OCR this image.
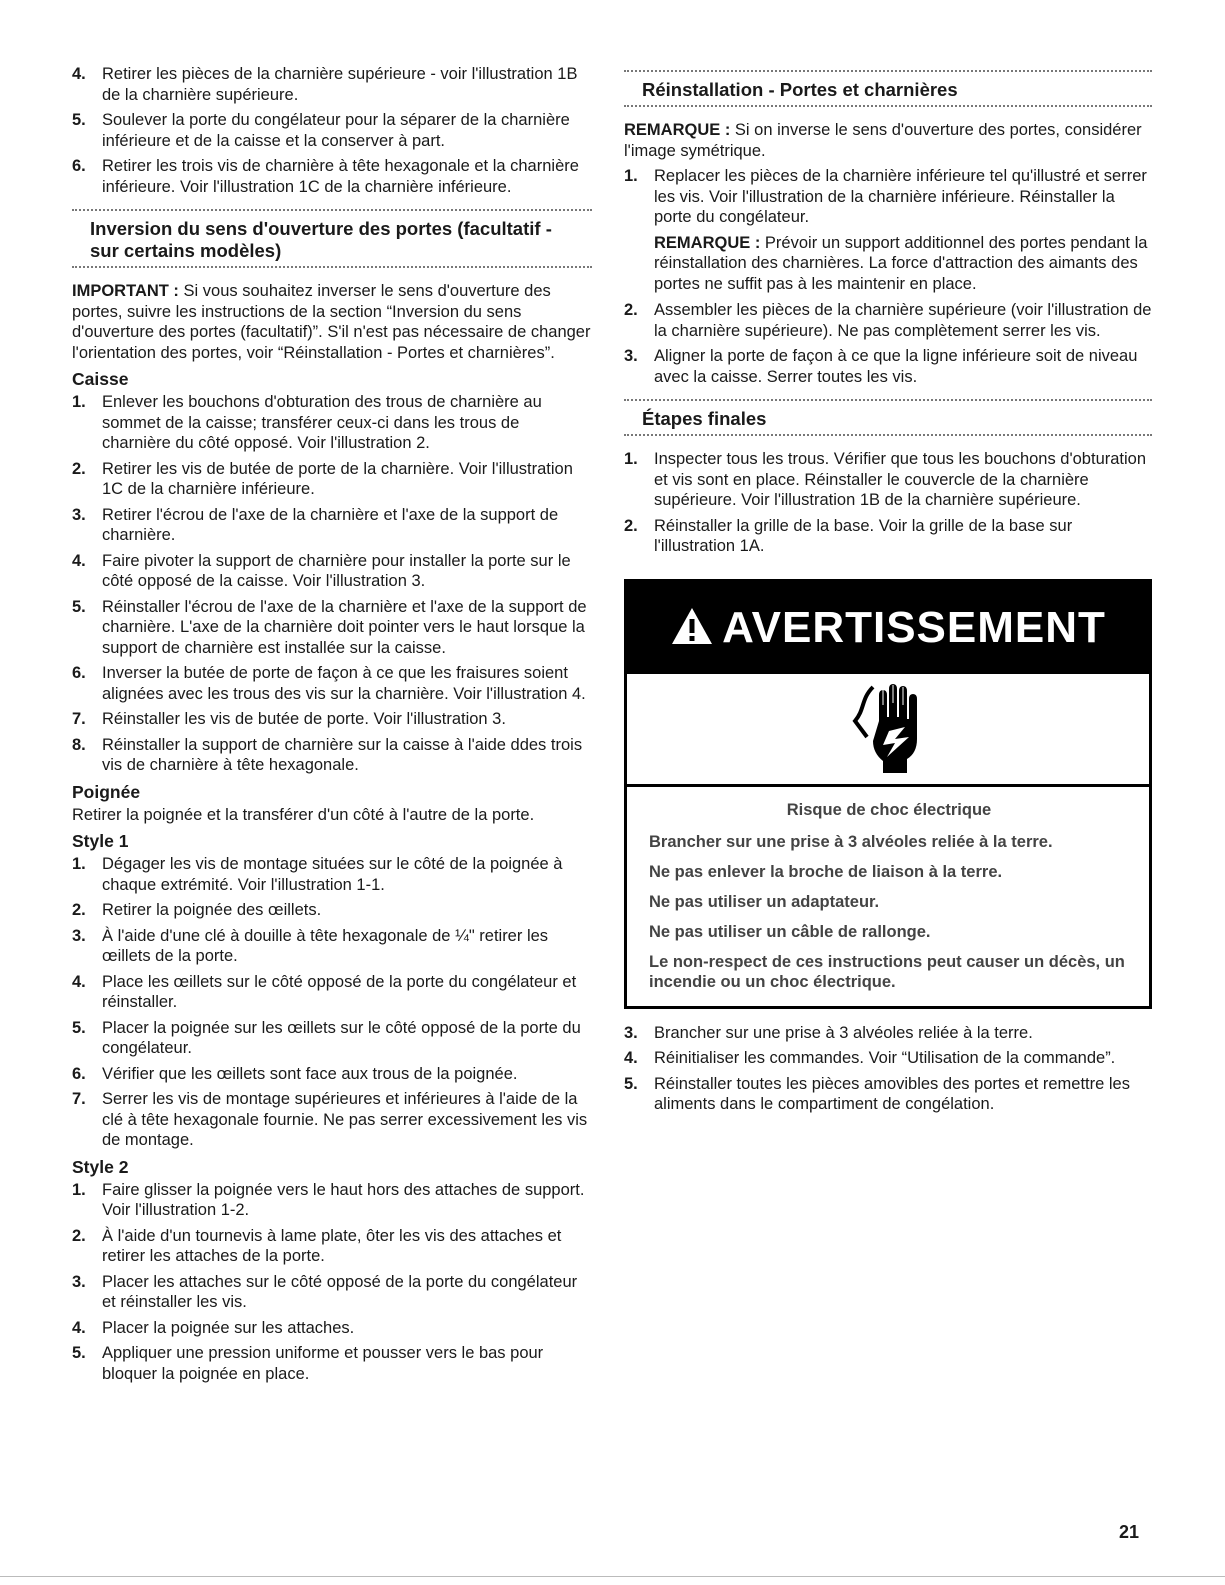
4. Retirer les pièces de la charnière supérieure - voir l'illustration 1B de la charnière supérieure.
5. Soulever la porte du congélateur pour la séparer de la charnière inférieure et de la caisse et la conserver à part.
6. Retirer les trois vis de charnière à tête hexagonale et la charnière inférieure. Voir l'illustration 1C de la charnière inférieure.
Inversion du sens d'ouverture des portes (facultatif - sur certains modèles)

IMPORTANT : Si vous souhaitez inverser le sens d'ouverture des portes, suivre les instructions de la section “Inversion du sens d'ouverture des portes (facultatif)”. S'il n'est pas nécessaire de changer l'orientation des portes, voir “Réinstallation - Portes et charnières”.

Caisse
1. Enlever les bouchons d'obturation des trous de charnière au sommet de la caisse; transférer ceux-ci dans les trous de charnière du côté opposé. Voir l'illustration 2.
2. Retirer les vis de butée de porte de la charnière. Voir l'illustration 1C de la charnière inférieure.
3. Retirer l'écrou de l'axe de la charnière et l'axe de la support de charnière.
4. Faire pivoter la support de charnière pour installer la porte sur le côté opposé de la caisse. Voir l'illustration 3.
5. Réinstaller l'écrou de l'axe de la charnière et l'axe de la support de charnière. L'axe de la charnière doit pointer vers le haut lorsque la support de charnière est installée sur la caisse.
6. Inverser la butée de porte de façon à ce que les fraisures soient alignées avec les trous des vis sur la charnière. Voir l'illustration 4.
7. Réinstaller les vis de butée de porte. Voir l'illustration 3.
8. Réinstaller la support de charnière sur la caisse à l'aide ddes trois vis de charnière à tête hexagonale.
Poignée

Retirer la poignée et la transférer d'un côté à l'autre de la porte.

Style 1
1. Dégager les vis de montage situées sur le côté de la poignée à chaque extrémité. Voir l'illustration 1-1.
2. Retirer la poignée des œillets.
3. À l'aide d'une clé à douille à tête hexagonale de ¼" retirer les œillets de la porte.
4. Place les œillets sur le côté opposé de la porte du congélateur et réinstaller.
5. Placer la poignée sur les œillets sur le côté opposé de la porte du congélateur.
6. Vérifier que les œillets sont face aux trous de la poignée.
7. Serrer les vis de montage supérieures et inférieures à l'aide de la clé à tête hexagonale fournie. Ne pas serrer excessivement les vis de montage.
Style 2
1. Faire glisser la poignée vers le haut hors des attaches de support. Voir l'illustration 1-2.
2. À l'aide d'un tournevis à lame plate, ôter les vis des attaches et retirer les attaches de la porte.
3. Placer les attaches sur le côté opposé de la porte du congélateur et réinstaller les vis.
4. Placer la poignée sur les attaches.
5. Appliquer une pression uniforme et pousser vers le bas pour bloquer la poignée en place.
Réinstallation - Portes et charnières

REMARQUE : Si on inverse le sens d'ouverture des portes, considérer l'image symétrique.

1. Replacer les pièces de la charnière inférieure tel qu'illustré et serrer les vis. Voir l'illustration de la charnière inférieure. Réinstaller la porte du congélateur.

REMARQUE : Prévoir un support additionnel des portes pendant la réinstallation des charnières. La force d'attraction des aimants des portes ne suffit pas à les maintenir en place.

2. Assembler les pièces de la charnière supérieure (voir l'illustration de la charnière supérieure). Ne pas complètement serrer les vis.
3. Aligner la porte de façon à ce que la ligne inférieure soit de niveau avec la caisse. Serrer toutes les vis.
Étapes finales
1. Inspecter tous les trous. Vérifier que tous les bouchons d'obturation et vis sont en place. Réinstaller le couvercle de la charnière supérieure. Voir l'illustration 1B de la charnière supérieure.
2. Réinstaller la grille de la base. Voir la grille de la base sur l'illustration 1A.
AVERTISSEMENT
Risque de choc électrique
Brancher sur une prise à 3 alvéoles reliée à la terre.
Ne pas enlever la broche de liaison à la terre.
Ne pas utiliser un adaptateur.
Ne pas utiliser un câble de rallonge.
Le non-respect de ces instructions peut causer un décès, un incendie ou un choc électrique.
3. Brancher sur une prise à 3 alvéoles reliée à la terre.
4. Réinitialiser les commandes. Voir “Utilisation de la commande”.
5. Réinstaller toutes les pièces amovibles des portes et remettre les aliments dans le compartiment de congélation.
21
